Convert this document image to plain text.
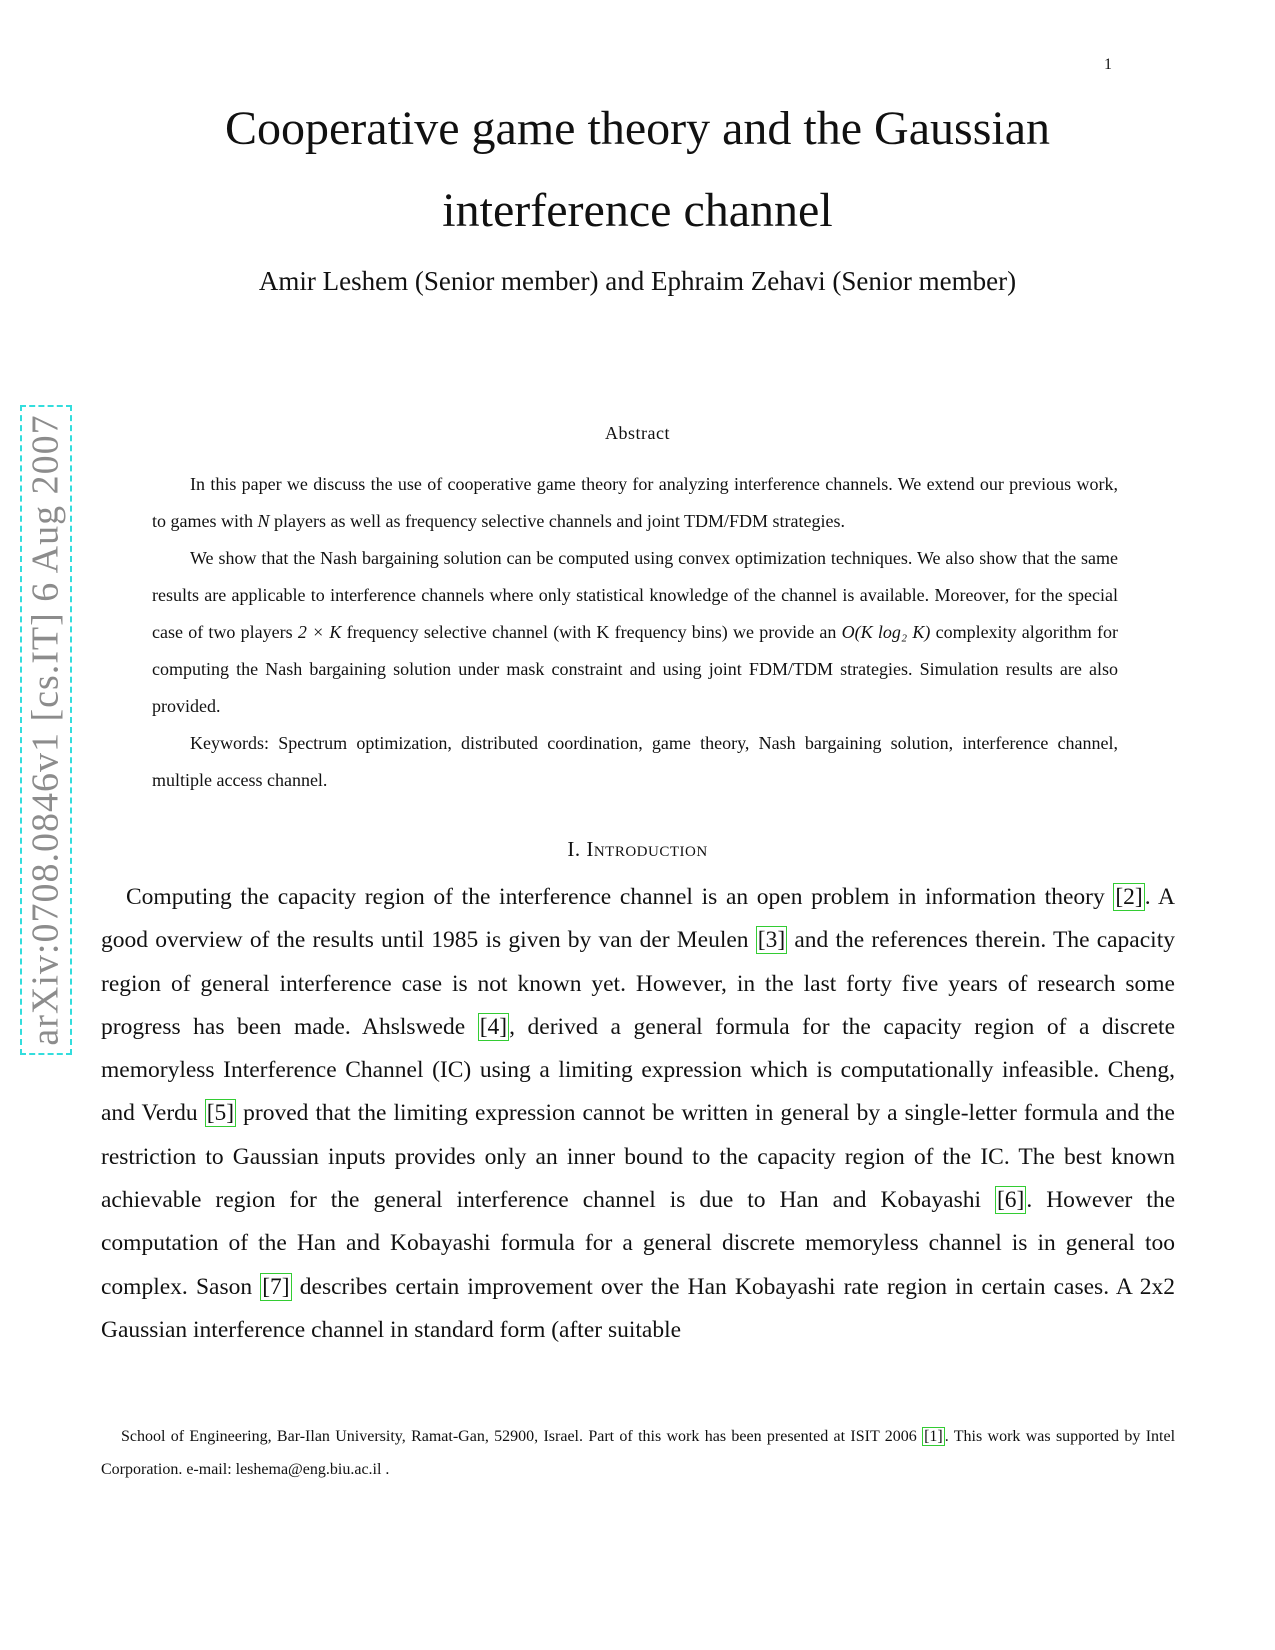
1
Cooperative game theory and the Gaussian
interference channel
Amir Leshem (Senior member) and Ephraim Zehavi (Senior member)
arXiv:0708.0846v1 [cs.IT] 6 Aug 2007	Abstract

In this paper we discuss the use of cooperative game theory for analyzing interference channels. We extend our previous work, to games with N players as well as frequency selective channels and joint TDM/FDM strategies.

We show that the Nash bargaining solution can be computed using convex optimization techniques. We also show that the same results are applicable to interference channels where only statistical knowledge of the channel is available. Moreover, for the special case of two players 2 × K frequency selective channel (with K frequency bins) we provide an O(K log₂ K) complexity algorithm for computing the Nash bargaining solution under mask constraint and using joint FDM/TDM strategies. Simulation results are also provided.

Keywords: Spectrum optimization, distributed coordination, game theory, Nash bargaining solution, interference channel, multiple access channel.

I. Introduction

Computing the capacity region of the interference channel is an open problem in information theory [2]. A good overview of the results until 1985 is given by van der Meulen [3] and the references therein. The capacity region of general interference case is not known yet. However, in the last forty five years of research some progress has been made. Ahslswede [4], derived a general formula for the capacity region of a discrete memoryless Interference Channel (IC) using a limiting expression which is computationally infeasible. Cheng, and Verdu [5] proved that the limiting expression cannot be written in general by a single-letter formula and the restriction to Gaussian inputs provides only an inner bound to the capacity region of the IC. The best known achievable region for the general interference channel is due to Han and Kobayashi [6]. However the computation of the Han and Kobayashi formula for a general discrete memoryless channel is in general too complex. Sason [7] describes certain improvement over the Han Kobayashi rate region in certain cases. A 2x2 Gaussian interference channel in standard form (after suitable

School of Engineering, Bar-Ilan University, Ramat-Gan, 52900, Israel. Part of this work has been presented at ISIT 2006 [1] . This work was supported by Intel Corporation. e-mail: leshema@eng.biu.ac.il .
